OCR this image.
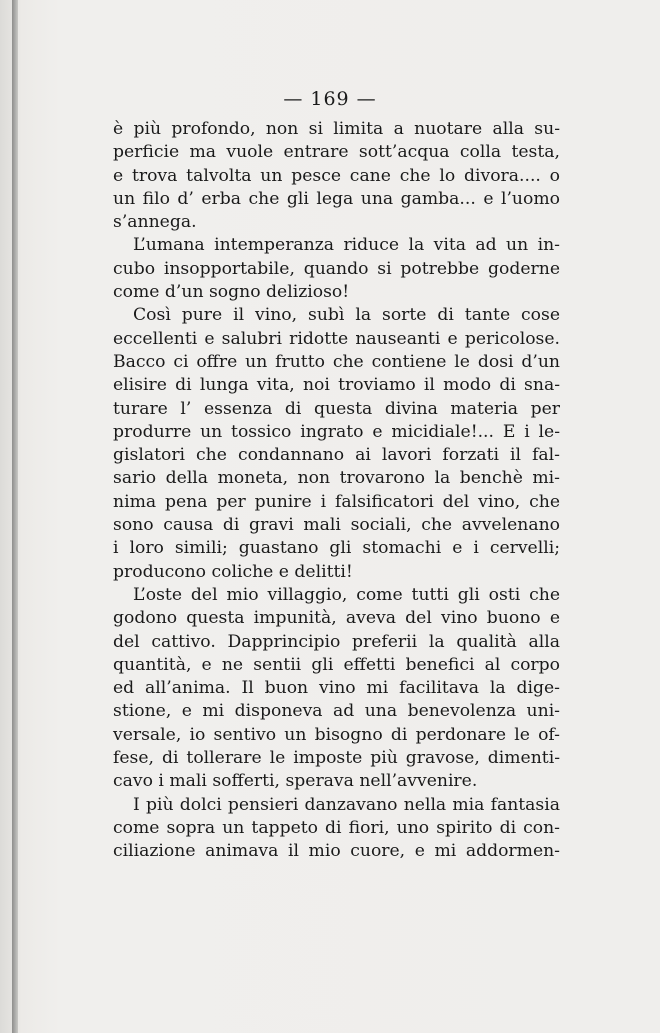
— 169 —
è più profondo, non si limita a nuotare alla su-
perficie ma vuole entrare sott’acqua colla testa,
e trova talvolta un pesce cane che lo divora.... o
un filo d’ erba che gli lega una gamba... e l’uomo
s’annega.
L’umana intemperanza riduce la vita ad un in-
cubo insopportabile, quando si potrebbe goderne
come d’un sogno delizioso!
Così pure il vino, subì la sorte di tante cose
eccellenti e salubri ridotte nauseanti e pericolose.
Bacco ci offre un frutto che contiene le dosi d’un
elisire di lunga vita, noi troviamo il modo di sna-
turare l’ essenza di questa divina materia per
produrre un tossico ingrato e micidiale!... E i le-
gislatori che condannano ai lavori forzati il fal-
sario della moneta, non trovarono la benchè mi-
nima pena per punire i falsificatori del vino, che
sono causa di gravi mali sociali, che avvelenano
i loro simili; guastano gli stomachi e i cervelli;
producono coliche e delitti!
L’oste del mio villaggio, come tutti gli osti che
godono questa impunità, aveva del vino buono e
del cattivo. Dapprincipio preferii la qualità alla
quantità, e ne sentii gli effetti benefici al corpo
ed all’anima. Il buon vino mi facilitava la dige-
stione, e mi disponeva ad una benevolenza uni-
versale, io sentivo un bisogno di perdonare le of-
fese, di tollerare le imposte più gravose, dimenti-
cavo i mali sofferti, sperava nell’avvenire.
I più dolci pensieri danzavano nella mia fantasia
come sopra un tappeto di fiori, uno spirito di con-
ciliazione animava il mio cuore, e mi addormen-
